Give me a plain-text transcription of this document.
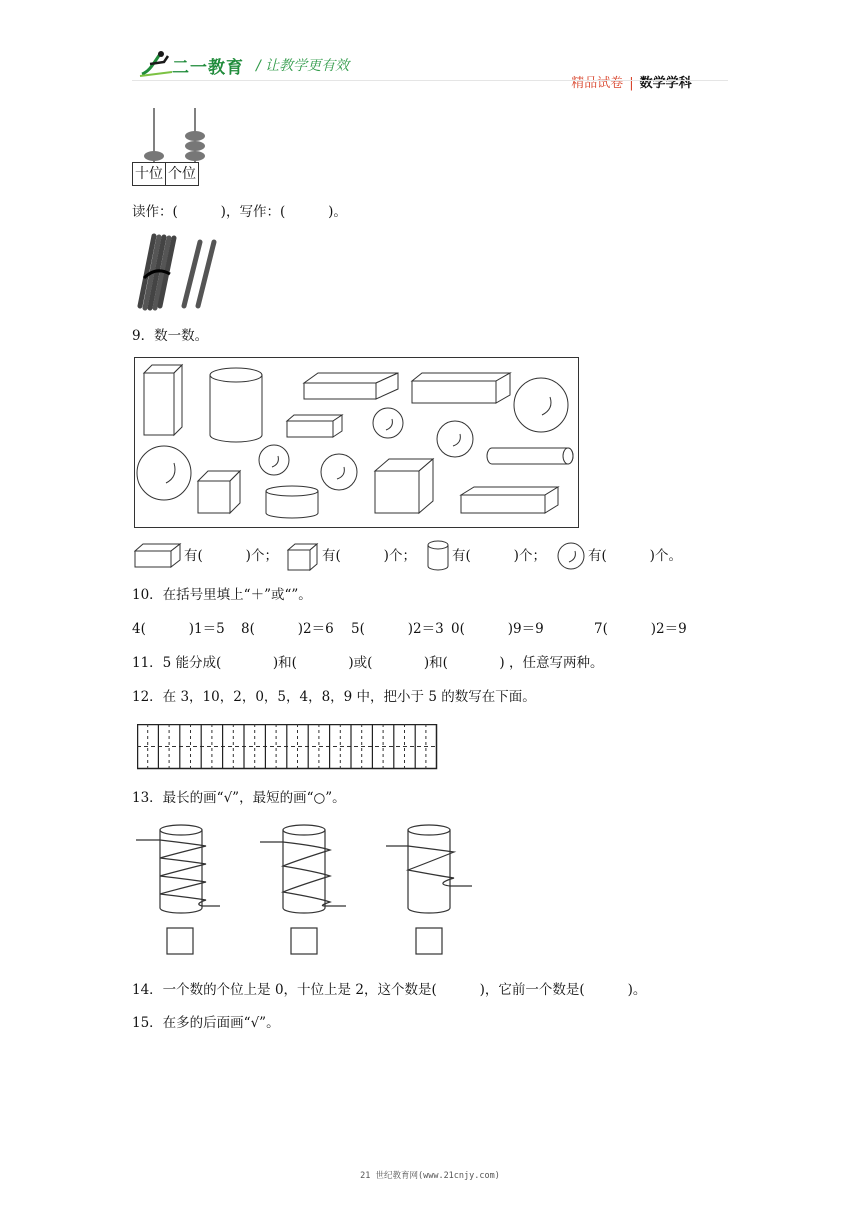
二一教育 / 让教学更有效

精品试卷 | 数学学科

十位	个位
读作：(          )，写作：(          )。
9．数一数。
有(          )个；	有(          )个；	有(          )个；	有(          )个。
10．在括号里填上“＋”或“”。
4(          )1＝5 8(          )2＝6 5(          )2＝3 0(          )9＝9	7(          )2＝9
11．5 能分成(            )和(            )或(            )和(            ) ，任意写两种。
12．在 3，10，2，0，5，4，8，9 中，把小于 5 的数写在下面。
13．最长的画“√”，最短的画“○”。
14．一个数的个位上是 0，十位上是 2，这个数是(          )，它前一个数是(          )。
15．在多的后面画“√”。
21 世纪教育网(www.21cnjy.com)
